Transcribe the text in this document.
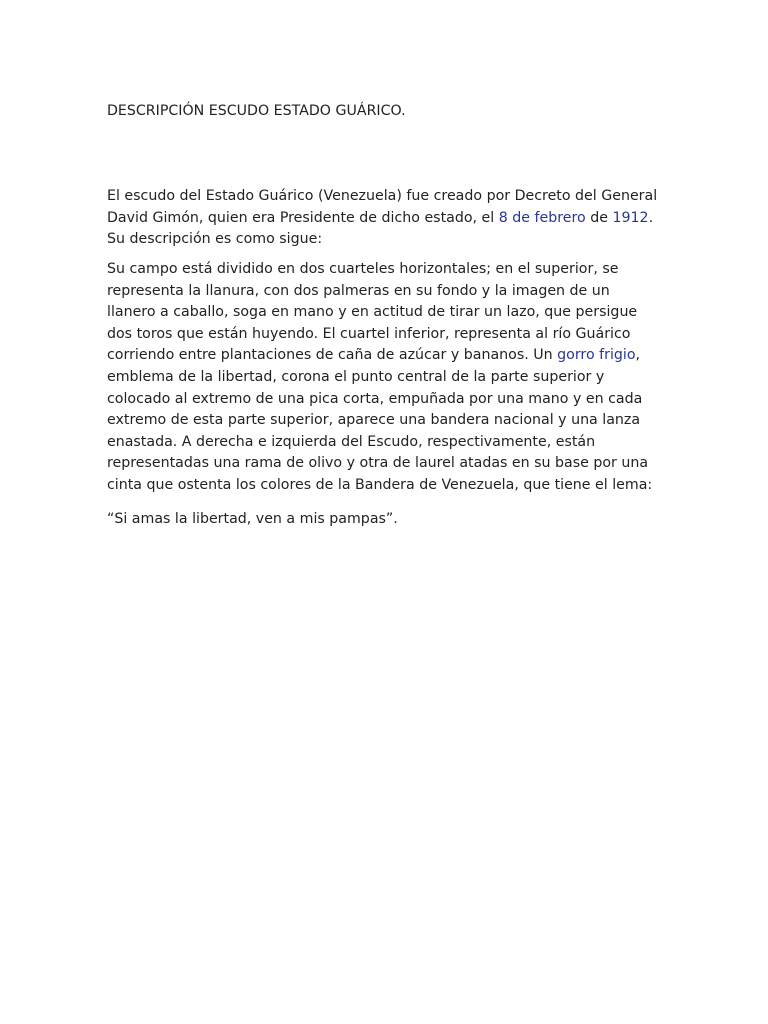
DESCRIPCIÓN ESCUDO ESTADO GUÁRICO.

El escudo del Estado Guárico (Venezuela) fue creado por Decreto del General David Gimón, quien era Presidente de dicho estado, el 8 de febrero de 1912. Su descripción es como sigue:

Su campo está dividido en dos cuarteles horizontales; en el superior, se representa la llanura, con dos palmeras en su fondo y la imagen de un llanero a caballo, soga en mano y en actitud de tirar un lazo, que persigue dos toros que están huyendo. El cuartel inferior, representa al río Guárico corriendo entre plantaciones de caña de azúcar y bananos. Un gorro frigio, emblema de la libertad, corona el punto central de la parte superior y colocado al extremo de una pica corta, empuñada por una mano y en cada extremo de esta parte superior, aparece una bandera nacional y una lanza enastada. A derecha e izquierda del Escudo, respectivamente, están representadas una rama de olivo y otra de laurel atadas en su base por una cinta que ostenta los colores de la Bandera de Venezuela, que tiene el lema:

“Si amas la libertad, ven a mis pampas”.
